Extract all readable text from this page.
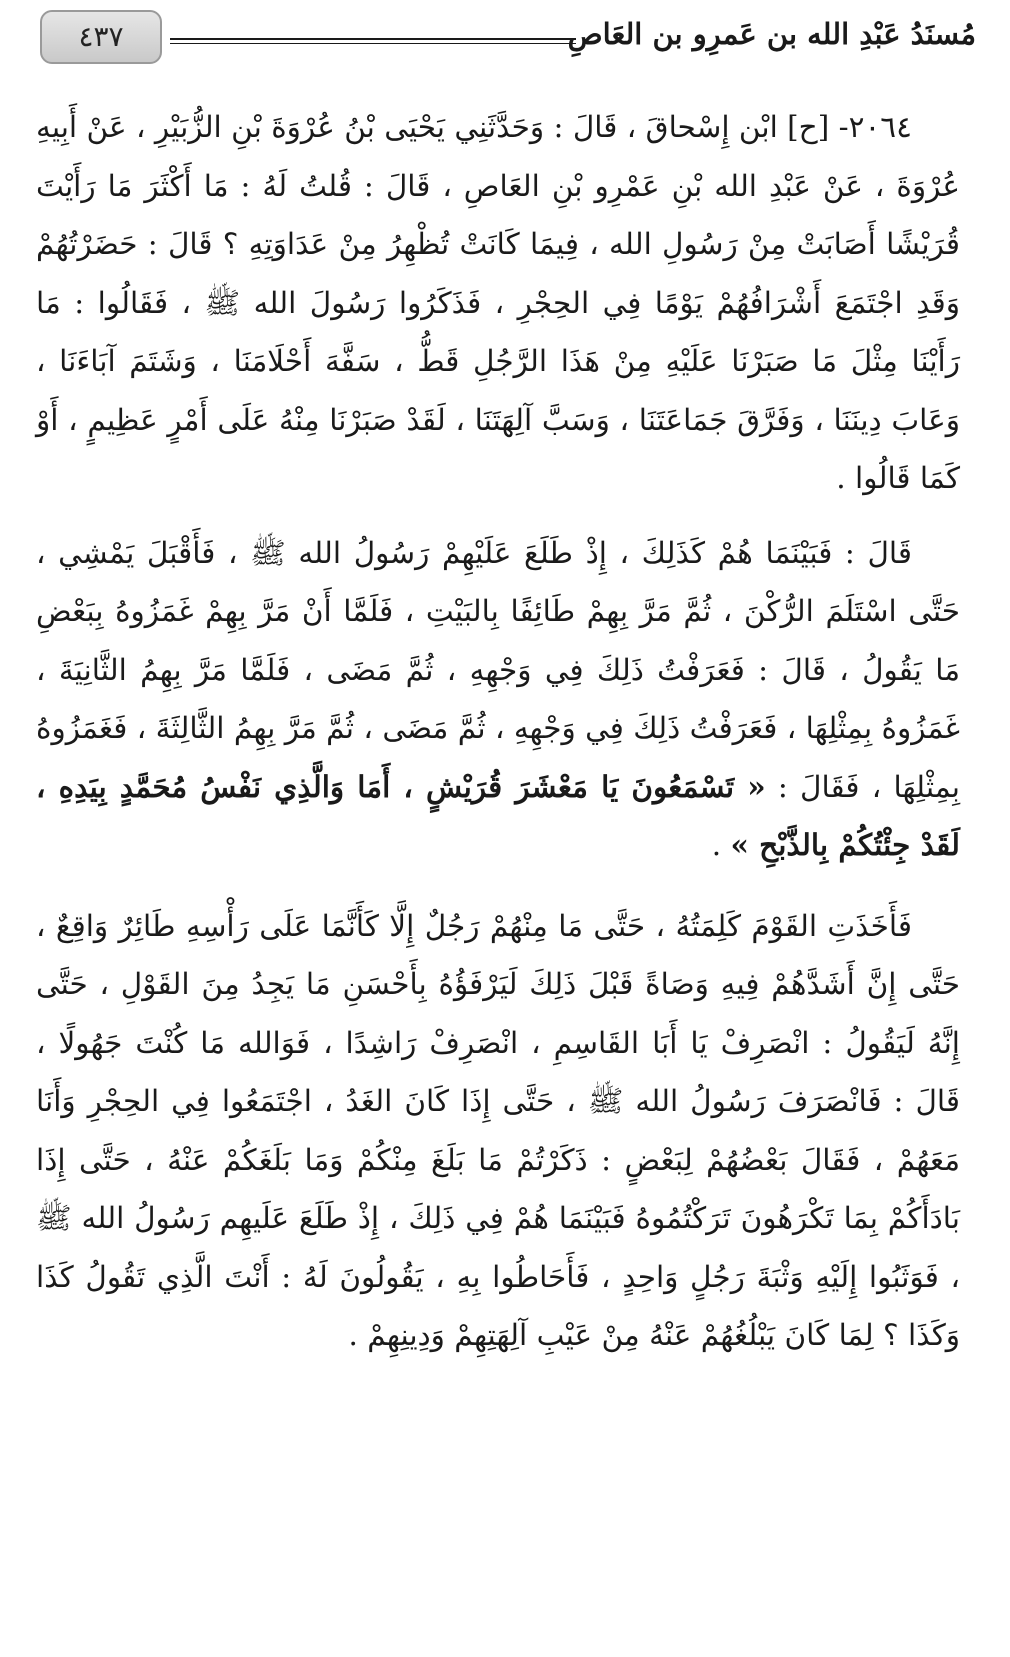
مُسنَدُ عَبْدِ الله بن عَمرِو بن العَاصِ
٤٣٧

٢٠٦٤- [ح] ابْن إِسْحاقَ ، قَالَ : وَحَدَّثَنِي يَحْيَى بْنُ عُرْوَةَ بْنِ الزُّبَيْرِ ، عَنْ أَبِيهِ عُرْوَةَ ، عَنْ عَبْدِ الله بْنِ عَمْرِو بْنِ العَاصِ ، قَالَ : قُلتُ لَهُ : مَا أَكْثَرَ مَا رَأَيْتَ قُرَيْشًا أَصَابَتْ مِنْ رَسُولِ الله ، فِيمَا كَانَتْ تُظْهِرُ مِنْ عَدَاوَتِهِ ؟ قَالَ : حَضَرْتُهُمْ وَقَدِ اجْتَمَعَ أَشْرَافُهُمْ يَوْمًا فِي الحِجْرِ ، فَذَكَرُوا رَسُولَ الله ﷺ ، فَقَالُوا : مَا رَأَيْنَا مِثْلَ مَا صَبَرْنَا عَلَيْهِ مِنْ هَذَا الرَّجُلِ قَطُّ ، سَفَّهَ أَحْلَامَنَا ، وَشَتَمَ آبَاءَنَا ، وَعَابَ دِينَنَا ، وَفَرَّقَ جَمَاعَتَنَا ، وَسَبَّ آلِهَتَنَا ، لَقَدْ صَبَرْنَا مِنْهُ عَلَى أَمْرٍ عَظِيمٍ ، أَوْ كَمَا قَالُوا .

قَالَ : فَبَيْنَمَا هُمْ كَذَلِكَ ، إِذْ طَلَعَ عَلَيْهِمْ رَسُولُ الله ﷺ ، فَأَقْبَلَ يَمْشِي ، حَتَّى اسْتَلَمَ الرُّكْنَ ، ثُمَّ مَرَّ بِهِمْ طَائِفًا بِالبَيْتِ ، فَلَمَّا أَنْ مَرَّ بِهِمْ غَمَزُوهُ بِبَعْضِ مَا يَقُولُ ، قَالَ : فَعَرَفْتُ ذَلِكَ فِي وَجْهِهِ ، ثُمَّ مَضَى ، فَلَمَّا مَرَّ بِهِمُ الثَّانِيَةَ ، غَمَزُوهُ بِمِثْلِهَا ، فَعَرَفْتُ ذَلِكَ فِي وَجْهِهِ ، ثُمَّ مَضَى ، ثُمَّ مَرَّ بِهِمُ الثَّالِثَةَ ، فَغَمَزُوهُ بِمِثْلِهَا ، فَقَالَ : « تَسْمَعُونَ يَا مَعْشَرَ قُرَيْشٍ ، أَمَا وَالَّذِي نَفْسُ مُحَمَّدٍ بِيَدِهِ ، لَقَدْ جِئْتُكُمْ بِالذَّبْحِ » .

فَأَخَذَتِ القَوْمَ كَلِمَتُهُ ، حَتَّى مَا مِنْهُمْ رَجُلٌ إِلَّا كَأَنَّمَا عَلَى رَأْسِهِ طَائِرٌ وَاقِعٌ ، حَتَّى إِنَّ أَشَدَّهُمْ فِيهِ وَصَاةً قَبْلَ ذَلِكَ لَيَرْفَؤُهُ بِأَحْسَنِ مَا يَجِدُ مِنَ القَوْلِ ، حَتَّى إِنَّهُ لَيَقُولُ : انْصَرِفْ يَا أَبَا القَاسِمِ ، انْصَرِفْ رَاشِدًا ، فَوَالله مَا كُنْتَ جَهُولًا ، قَالَ : فَانْصَرَفَ رَسُولُ الله ﷺ ، حَتَّى إِذَا كَانَ الغَدُ ، اجْتَمَعُوا فِي الحِجْرِ وَأَنَا مَعَهُمْ ، فَقَالَ بَعْضُهُمْ لِبَعْضٍ : ذَكَرْتُمْ مَا بَلَغَ مِنْكُمْ وَمَا بَلَغَكُمْ عَنْهُ ، حَتَّى إِذَا بَادَأَكُمْ بِمَا تَكْرَهُونَ تَرَكْتُمُوهُ فَبَيْنَمَا هُمْ فِي ذَلِكَ ، إِذْ طَلَعَ عَلَيهِم رَسُولُ الله ﷺ ، فَوَثَبُوا إِلَيْهِ وَثْبَةَ رَجُلٍ وَاحِدٍ ، فَأَحَاطُوا بِهِ ، يَقُولُونَ لَهُ : أَنْتَ الَّذِي تَقُولُ كَذَا وَكَذَا ؟ لِمَا كَانَ يَبْلُغُهُمْ عَنْهُ مِنْ عَيْبِ آلِهَتِهِمْ وَدِينِهِمْ .
